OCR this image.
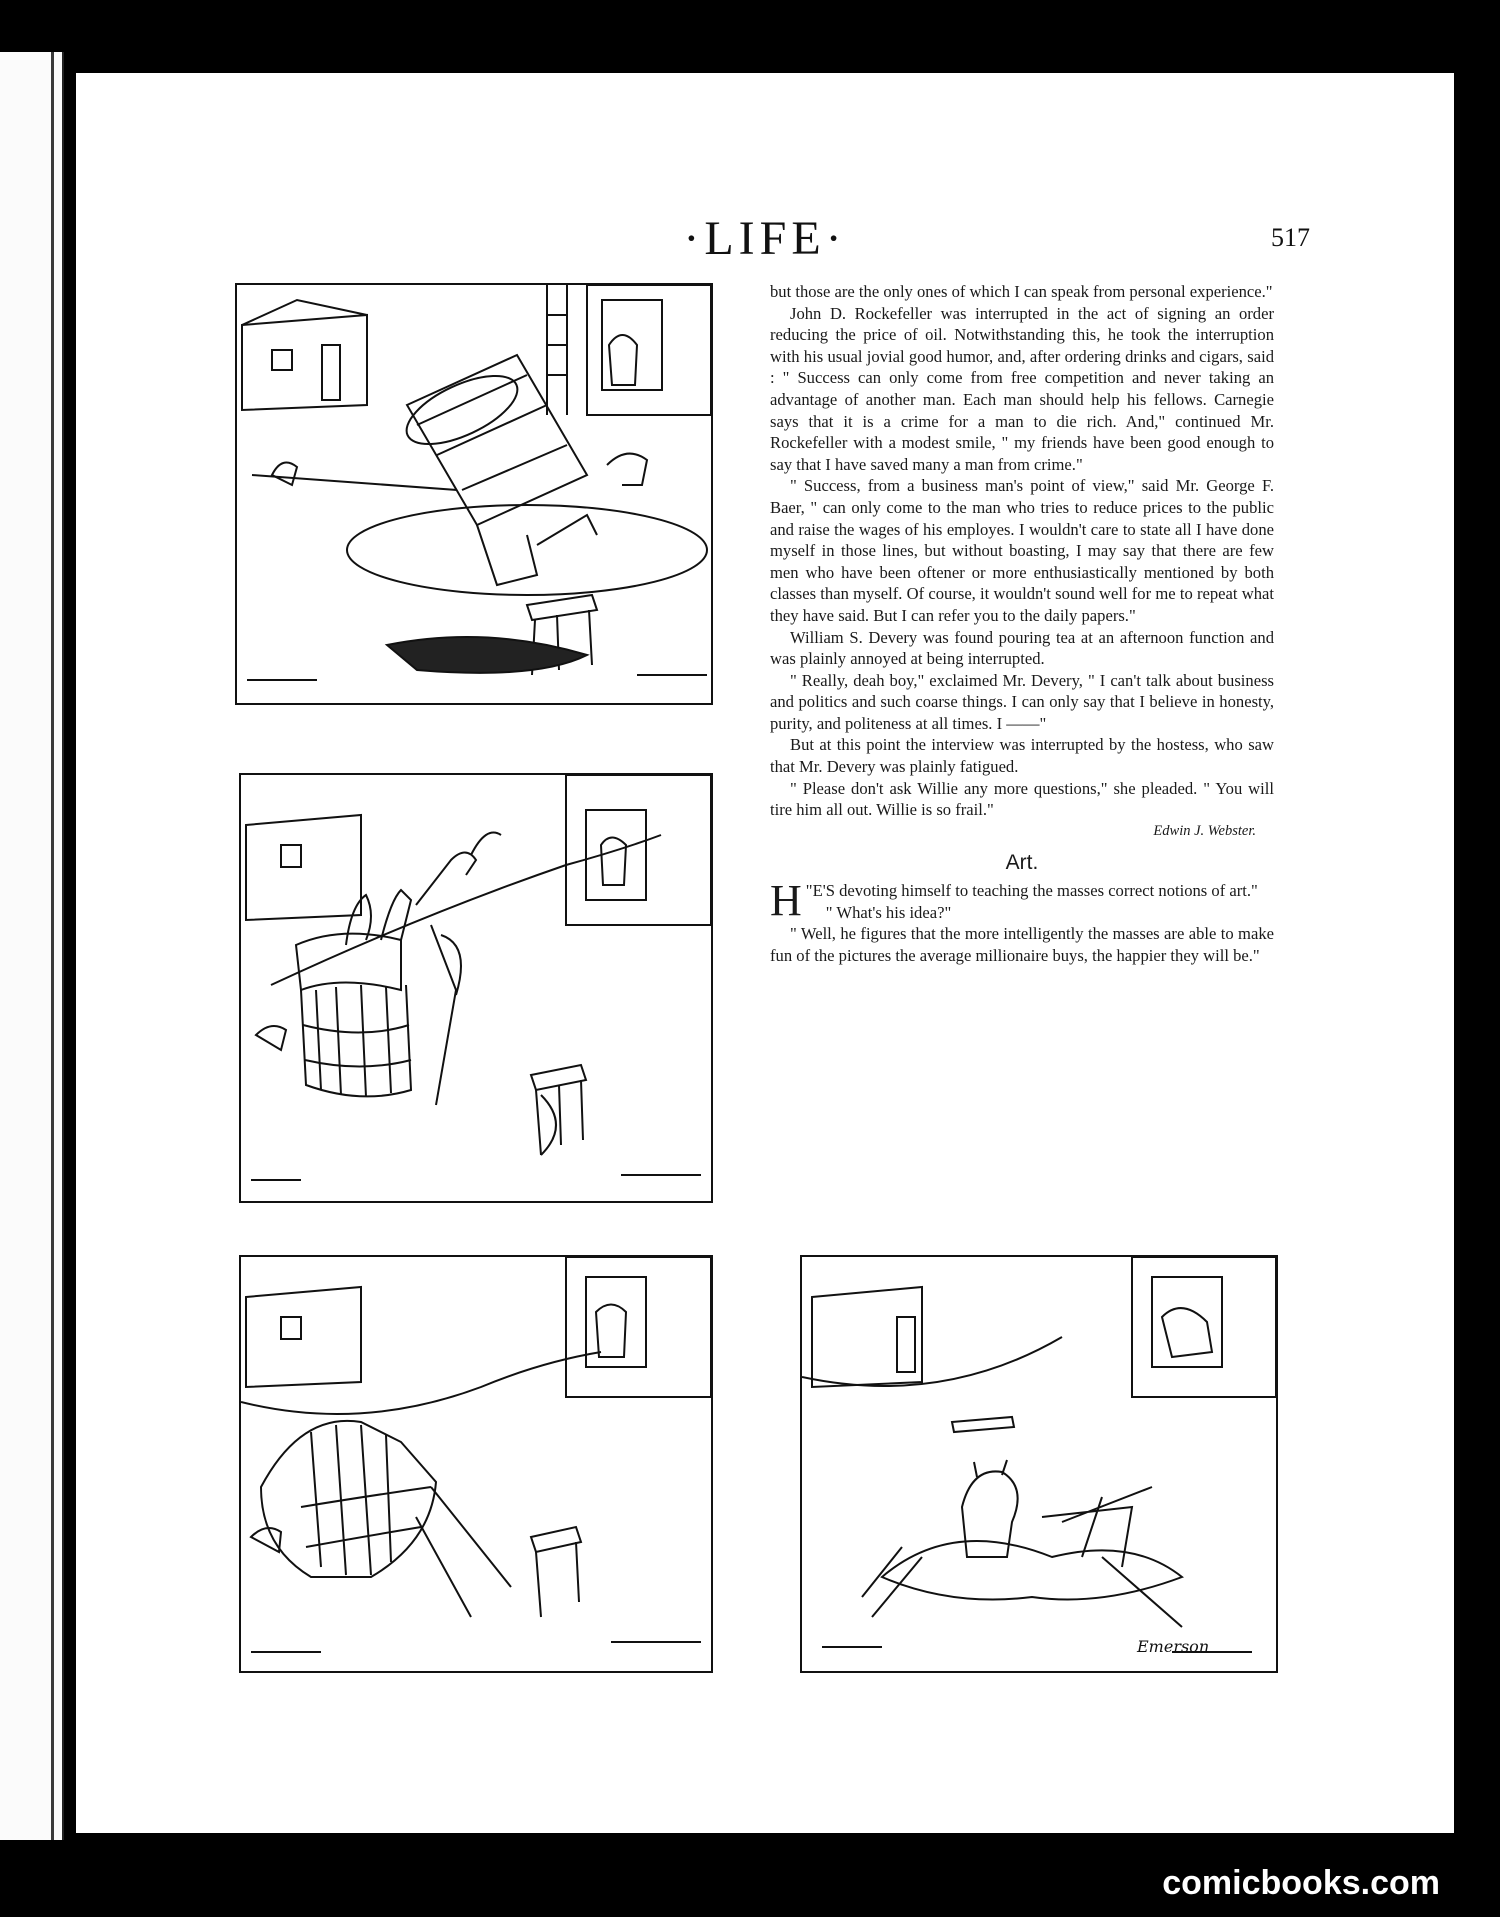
·LIFE·	517

but those are the only ones of which I can speak from personal experience."

John D. Rockefeller was interrupted in the act of signing an order reducing the price of oil. Notwithstanding this, he took the interruption with his usual jovial good humor, and, after ordering drinks and cigars, said : " Success can only come from free competition and never taking an advantage of another man. Each man should help his fellows. Carnegie says that it is a crime for a man to die rich. And," continued Mr. Rockefeller with a modest smile, " my friends have been good enough to say that I have saved many a man from crime."

" Success, from a business man's point of view," said Mr. George F. Baer, " can only come to the man who tries to reduce prices to the public and raise the wages of his employes. I wouldn't care to state all I have done myself in those lines, but without boasting, I may say that there are few men who have been oftener or more enthusiastically mentioned by both classes than myself. Of course, it wouldn't sound well for me to repeat what they have said. But I can refer you to the daily papers."

William S. Devery was found pouring tea at an afternoon function and was plainly annoyed at being interrupted.

" Really, deah boy," exclaimed Mr. Devery, " I can't talk about business and politics and such coarse things. I can only say that I believe in honesty, purity, and politeness at all times. I ——"

But at this point the interview was interrupted by the hostess, who saw that Mr. Devery was plainly fatigued.

" Please don't ask Willie any more questions," she pleaded. " You will tire him all out. Willie is so frail."

Edwin J. Webster.

Art.

"
H E'S devoting himself to teaching the masses correct notions of art."

" What's his idea?"

" Well, he figures that the more intelligently the masses are able to make fun of the pictures the average millionaire buys, the happier they will be."

Emerson
comicbooks.com
